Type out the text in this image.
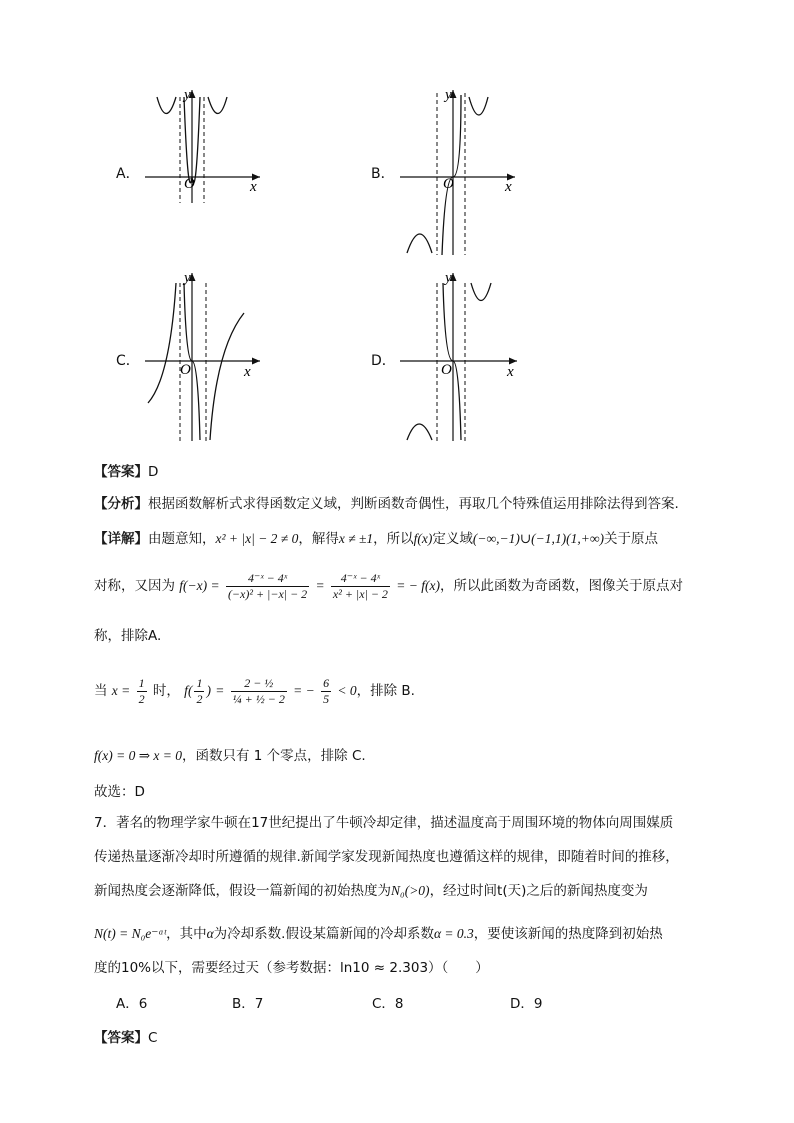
A．
O	x
y
B．
O	x
y
C．
O	x
y
D．
O	x
y
【答案】D
【分析】根据函数解析式求得函数定义域，判断函数奇偶性，再取几个特殊值运用排除法得到答案.
【详解】由题意知，x² + |x| − 2 ≠ 0，解得x ≠ ±1，所以f(x)定义域(−∞,−1)∪(−1,1)(1,+∞)关于原点
对称，又因为 $f(-x) = \frac{\text{4⁻ˣ − 4ˣ}}{\text{(−x)² + |−x| − 2}} = \frac{\text{4⁻ˣ − 4ˣ}}{\text{x² + |x| − 2}}$ = − f(x)，所以此函数为奇函数，图像关于原点对
称，排除A.
当 $x = \frac{1}{2}$ 时， $f( \frac{1}{2}$ ) = $\frac{\text{2 − ½}}{\text{¼ + ½ − 2}}$ = − $\frac{6}{5} < 0$，排除 B.
f(x) = 0 ⇒ x = 0，函数只有 1 个零点，排除 C.
故选：D
7．著名的物理学家牛顿在17世纪提出了牛顿冷却定律，描述温度高于周围环境的物体向周围媒质
传递热量逐渐冷却时所遵循的规律.新闻学家发现新闻热度也遵循这样的规律，即随着时间的推移，
新闻热度会逐渐降低，假设一篇新闻的初始热度为N₀(>0)，经过时间t(天)之后的新闻热度变为
N(t) = N₀e⁻ᵅᵗ，其中α为冷却系数.假设某篇新闻的冷却系数α = 0.3，要使该新闻的热度降到初始热
度的10%以下，需要经过天（参考数据：ln10 ≈ 2.303）（　　）
A．6	B．7	C．8	D．9
【答案】C
